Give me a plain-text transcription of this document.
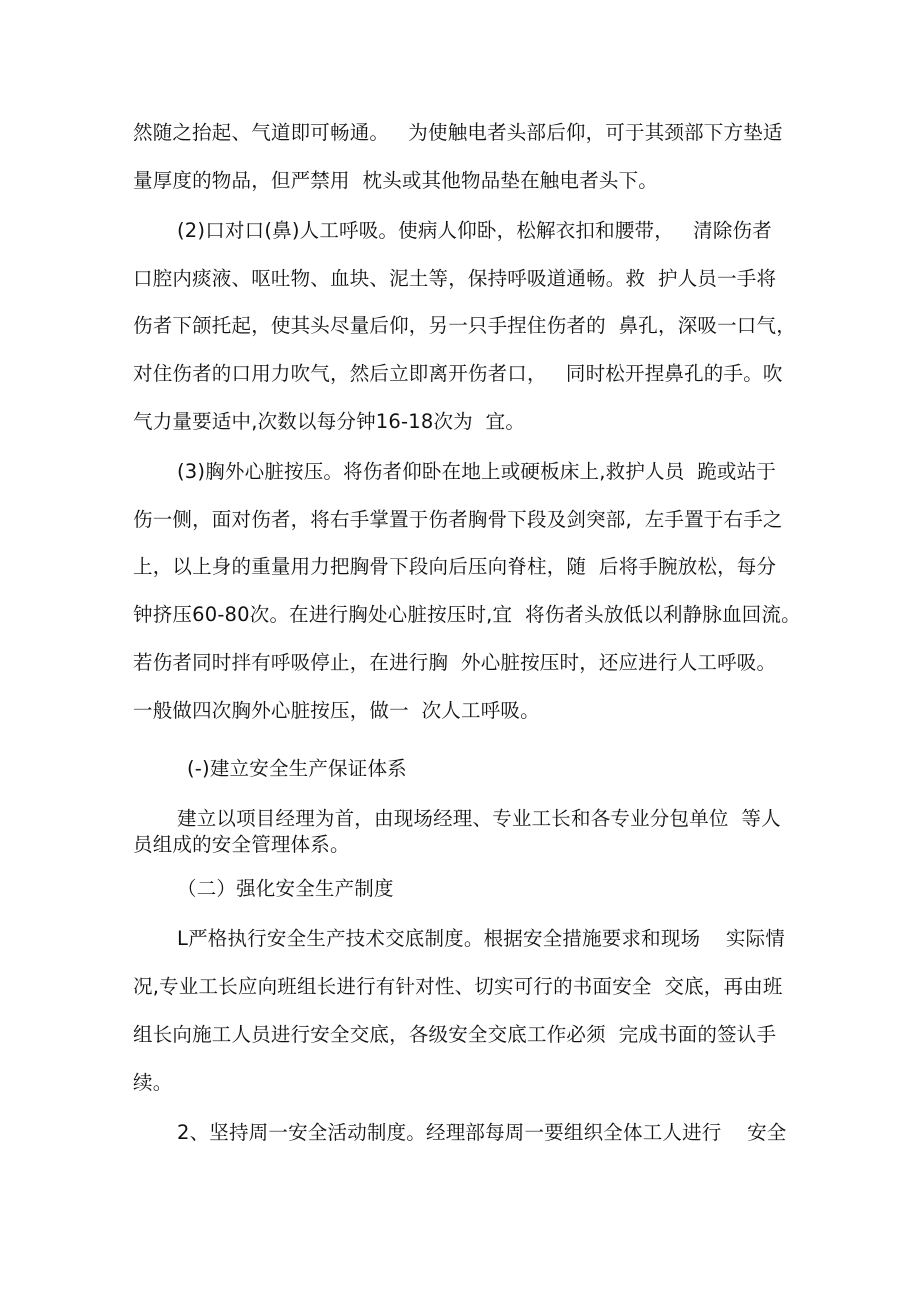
然随之抬起、气道即可畅通。   为使触电者头部后仰，可于其颈部下方垫适
量厚度的物品，但严禁用  枕头或其他物品垫在触电者头下。
(2)口对口(鼻)人工呼吸。使病人仰卧，松解衣扣和腰带，   清除伤者
口腔内痰液、呕吐物、血块、泥土等，保持呼吸道通畅。救  护人员一手将
伤者下颌托起，使其头尽量后仰，另一只手捏住伤者的  鼻孔，深吸一口气，
对住伤者的口用力吹气，然后立即离开伤者口，   同时松开捏鼻孔的手。吹
气力量要适中,次数以每分钟16-18次为  宜。
(3)胸外心脏按压。将伤者仰卧在地上或硬板床上,救护人员  跪或站于
伤一侧，面对伤者，将右手掌置于伤者胸骨下段及剑突部,  左手置于右手之
上，以上身的重量用力把胸骨下段向后压向脊柱，随  后将手腕放松，每分
钟挤压60-80次。在进行胸处心脏按压时,宜  将伤者头放低以利静脉血回流。
若伤者同时拌有呼吸停止，在进行胸  外心脏按压时，还应进行人工呼吸。
一般做四次胸外心脏按压，做一  次人工呼吸。
(-)建立安全生产保证体系
建立以项目经理为首，由现场经理、专业工长和各专业分包单位  等人
员组成的安全管理体系。
（二）强化安全生产制度
L严格执行安全生产技术交底制度。根据安全措施要求和现场    实际情
况,专业工长应向班组长进行有针对性、切实可行的书面安全  交底，再由班
组长向施工人员进行安全交底，各级安全交底工作必须  完成书面的签认手
续。
2、坚持周一安全活动制度。经理部每周一要组织全体工人进行    安全
